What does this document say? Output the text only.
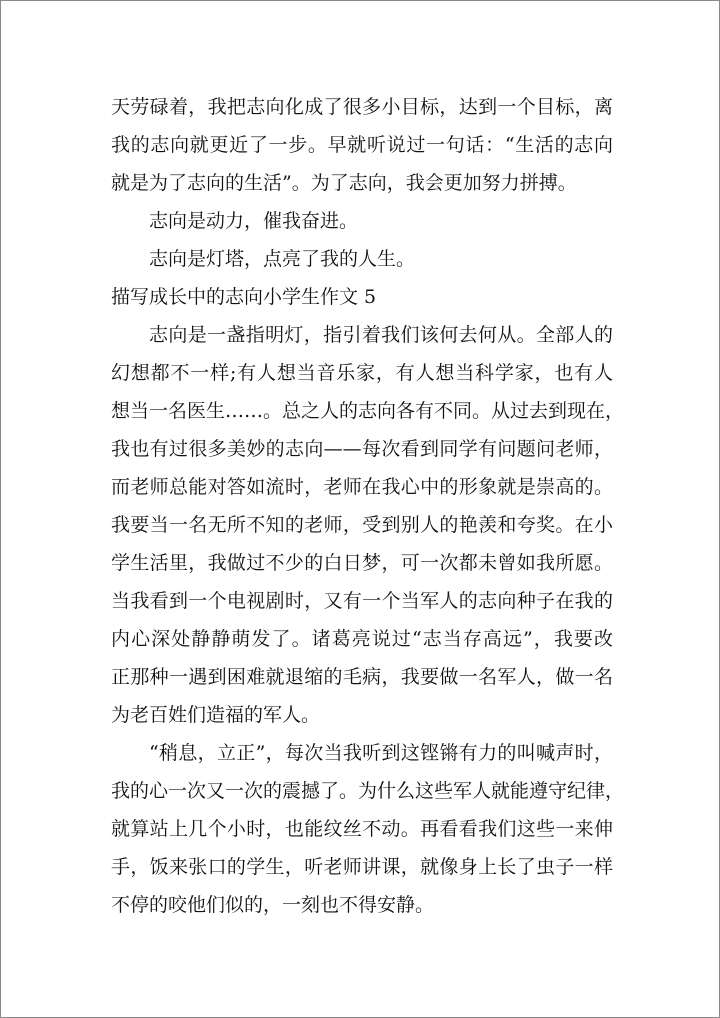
天劳碌着，我把志向化成了很多小目标，达到一个目标，离
我的志向就更近了一步。早就听说过一句话：“生活的志向
就是为了志向的生活”。为了志向，我会更加努力拼搏。
志向是动力，催我奋进。
志向是灯塔，点亮了我的人生。
描写成长中的志向小学生作文 5
志向是一盏指明灯，指引着我们该何去何从。全部人的
幻想都不一样;有人想当音乐家，有人想当科学家，也有人
想当一名医生……。总之人的志向各有不同。从过去到现在，
我也有过很多美妙的志向——每次看到同学有问题问老师，
而老师总能对答如流时，老师在我心中的形象就是崇高的。
我要当一名无所不知的老师，受到别人的艳羡和夸奖。在小
学生活里，我做过不少的白日梦，可一次都未曾如我所愿。
当我看到一个电视剧时，又有一个当军人的志向种子在我的
内心深处静静萌发了。诸葛亮说过“志当存高远”，我要改
正那种一遇到困难就退缩的毛病，我要做一名军人，做一名
为老百姓们造福的军人。
“稍息，立正”，每次当我听到这铿锵有力的叫喊声时，
我的心一次又一次的震撼了。为什么这些军人就能遵守纪律，
就算站上几个小时，也能纹丝不动。再看看我们这些一来伸
手，饭来张口的学生，听老师讲课，就像身上长了虫子一样
不停的咬他们似的，一刻也不得安静。
